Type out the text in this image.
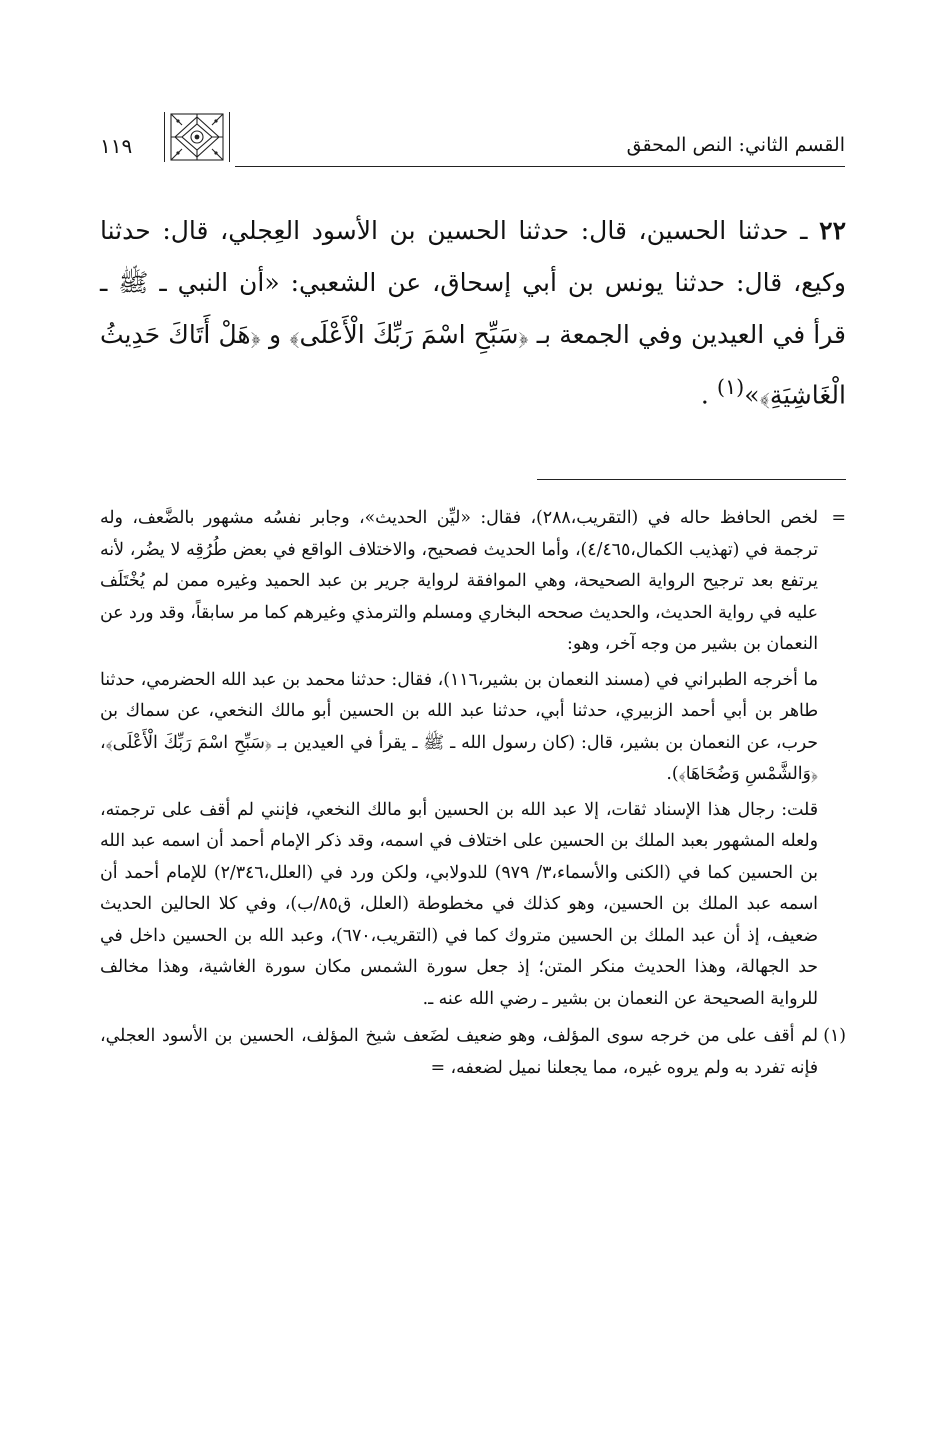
القسم الثاني: النص المحقق
١١٩

٢٢ ـ حدثنا الحسين، قال: حدثنا الحسين بن الأسود العِجلي، قال: حدثنا وكيع، قال: حدثنا يونس بن أبي إسحاق، عن الشعبي: «أن النبي ـ ﷺ ـ قرأ في العيدين وفي الجمعة بـ ﴿سَبِّحِ اسْمَ رَبِّكَ الْأَعْلَى﴾ و ﴿هَلْ أَتَاكَ حَدِيثُ الْغَاشِيَةِ﴾»$^{(١)}$ .

=

لخص الحافظ حاله في (التقريب،٢٨٨)، فقال: «ليِّن الحديث»، وجابر نفسُه مشهور بالضَّعف، وله ترجمة في (تهذيب الكمال،٤/٤٦٥)، وأما الحديث فصحيح، والاختلاف الواقع في بعض طُرُقِه لا يضُر، لأنه يرتفع بعد ترجيح الرواية الصحيحة، وهي الموافقة لرواية جرير بن عبد الحميد وغيره ممن لم يُخْتَلَف عليه في رواية الحديث، والحديث صححه البخاري ومسلم والترمذي وغيرهم كما مر سابقاً، وقد ورد عن النعمان بن بشير من وجه آخر، وهو:

ما أخرجه الطبراني في (مسند النعمان بن بشير،١١٦)، فقال: حدثنا محمد بن عبد الله الحضرمي، حدثنا طاهر بن أبي أحمد الزبيري، حدثنا أبي، حدثنا عبد الله بن الحسين أبو مالك النخعي، عن سماك بن حرب، عن النعمان بن بشير، قال: (كان رسول الله ـ ﷺ ـ يقرأ في العيدين بـ ﴿سَبِّحِ اسْمَ رَبِّكَ الْأَعْلَى﴾، ﴿وَالشَّمْسِ وَضُحَاهَا﴾).

قلت: رجال هذا الإسناد ثقات، إلا عبد الله بن الحسين أبو مالك النخعي، فإنني لم أقف على ترجمته، ولعله المشهور بعبد الملك بن الحسين على اختلاف في اسمه، وقد ذكر الإمام أحمد أن اسمه عبد الله بن الحسين كما في (الكنى والأسماء،٣/ ٩٧٩) للدولابي، ولكن ورد في (العلل،٢/٣٤٦) للإمام أحمد أن اسمه عبد الملك بن الحسين، وهو كذلك في مخطوطة (العلل، ق٨٥/ب)، وفي كلا الحالين الحديث ضعيف، إذ أن عبد الملك بن الحسين متروك كما في (التقريب،٦٧٠)، وعبد الله بن الحسين داخل في حد الجهالة، وهذا الحديث منكر المتن؛ إذ جعل سورة الشمس مكان سورة الغاشية، وهذا مخالف للرواية الصحيحة عن النعمان بن بشير ـ رضي الله عنه ـ.

(١)

لم أقف على من خرجه سوى المؤلف، وهو ضعيف لضَعف شيخ المؤلف، الحسين بن الأسود العجلي، فإنه تفرد به ولم يروه غيره، مما يجعلنا نميل لضعفه، =
